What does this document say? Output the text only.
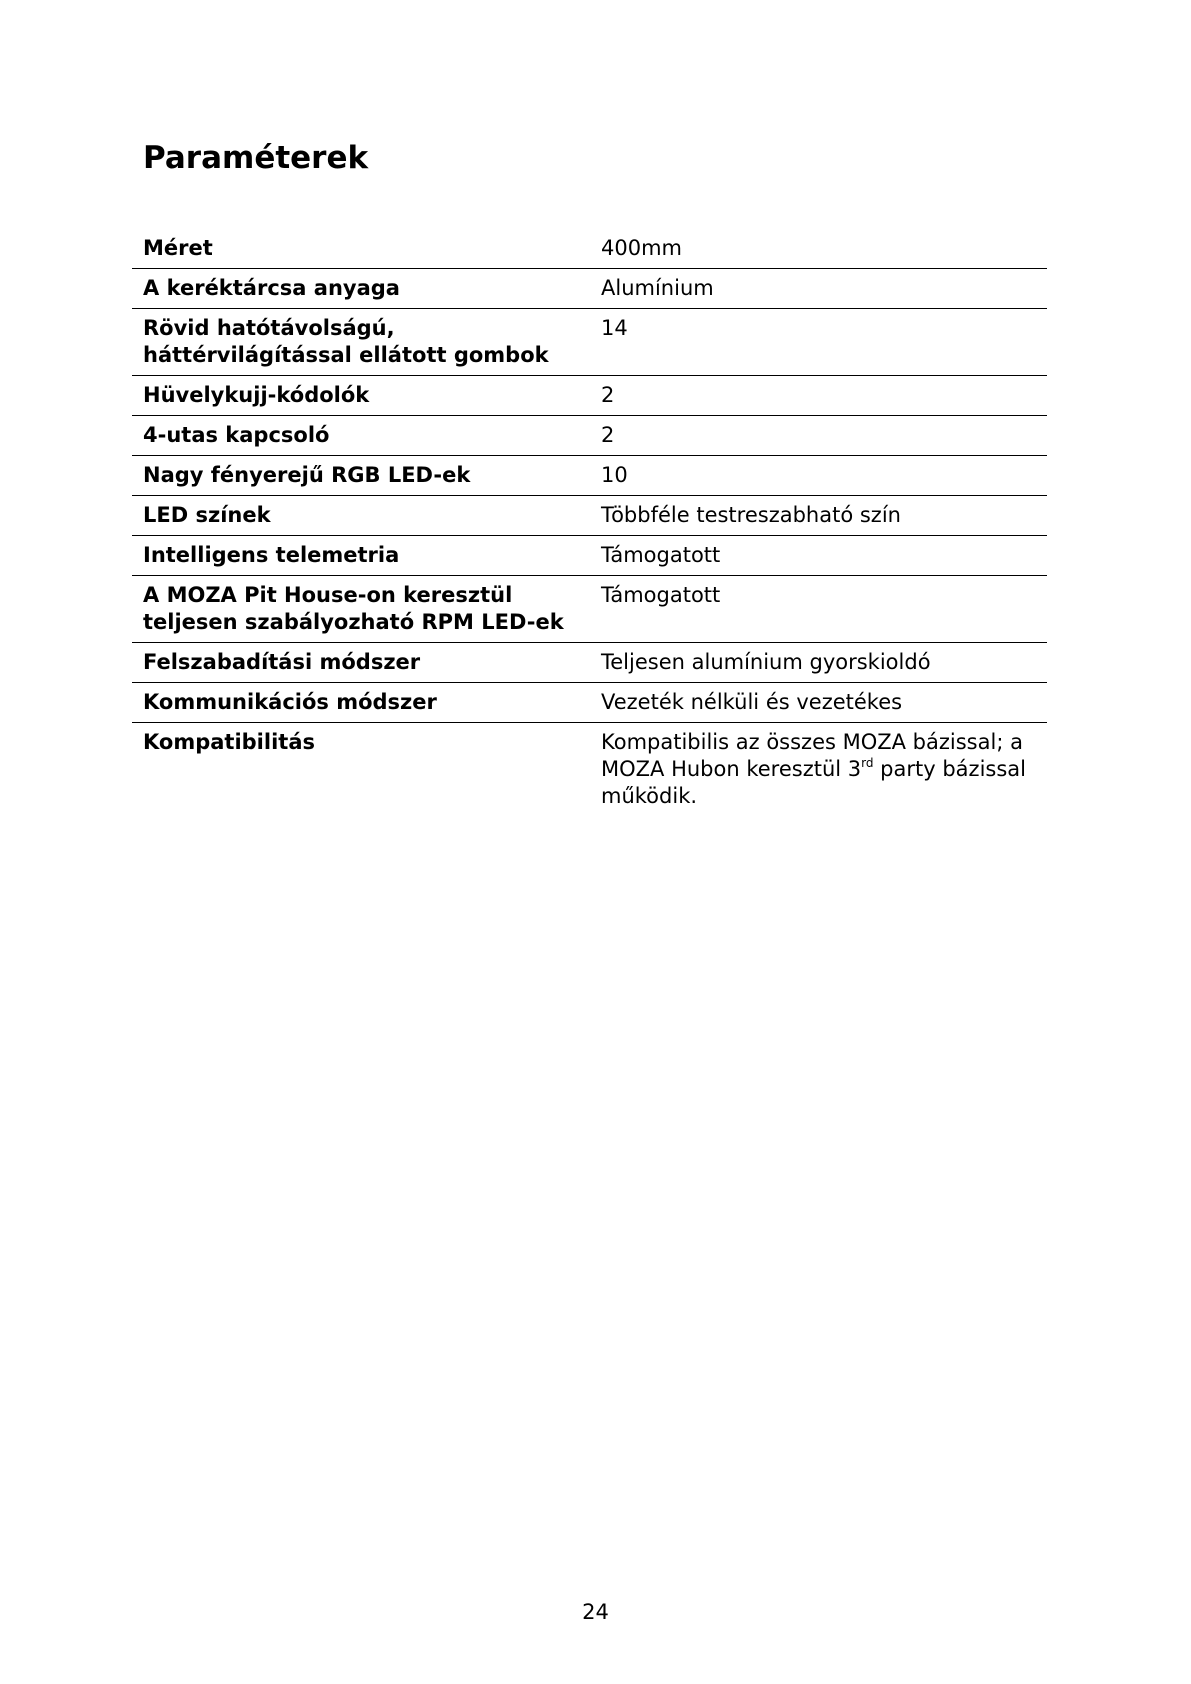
Paraméterek
Méret	400mm
A keréktárcsa anyaga	Alumínium
Rövid hatótávolságú,
háttérvilágítással ellátott gombok	14
Hüvelykujj-kódolók	2
4-utas kapcsoló	2
Nagy fényerejű RGB LED-ek	10
LED színek	Többféle testreszabható szín
Intelligens telemetria	Támogatott
A MOZA Pit House-on keresztül
teljesen szabályozható RPM LED-ek	Támogatott
Felszabadítási módszer	Teljesen alumínium gyorskioldó
Kommunikációs módszer	Vezeték nélküli és vezetékes
Kompatibilitás	Kompatibilis az összes MOZA bázissal; a
MOZA Hubon keresztül 3rd party bázissal
működik.
24
